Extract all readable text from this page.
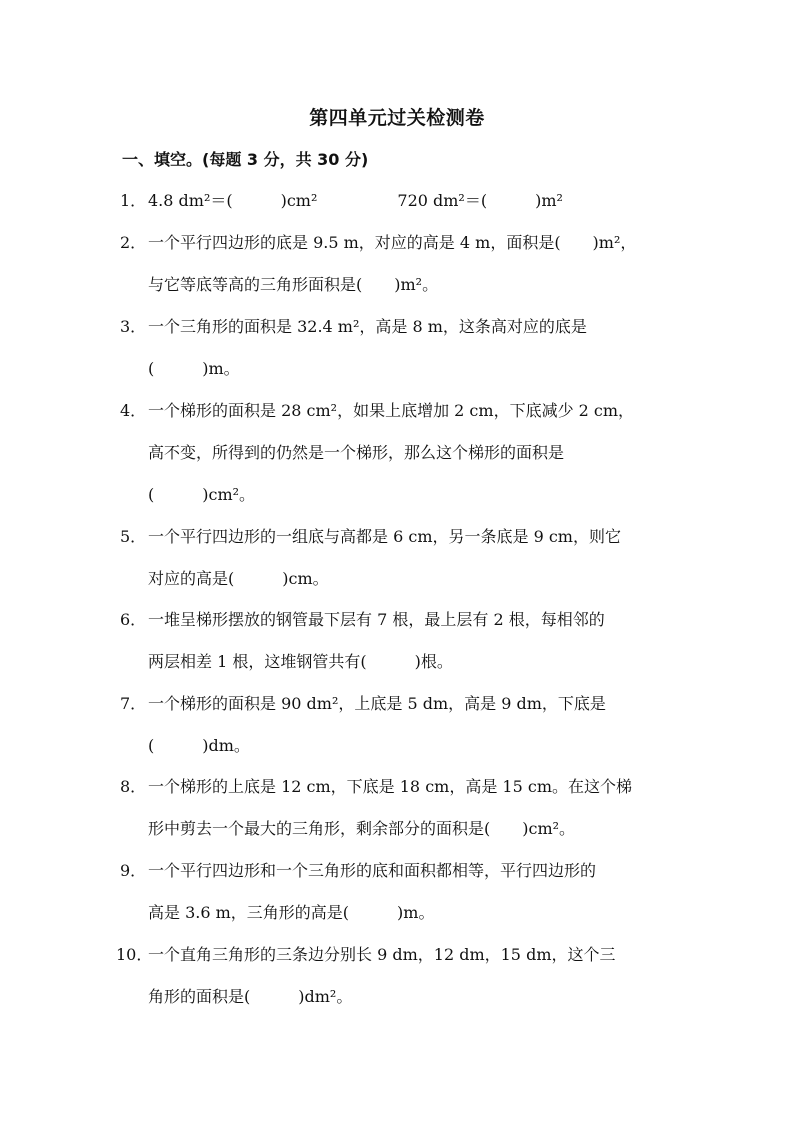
第四单元过关检测卷
一、填空。(每题 3 分，共 30 分)
1． 4.8 dm²＝(　　　)cm²　　　　　720 dm²＝(　　　)m²
2． 一个平行四边形的底是 9.5 m，对应的高是 4 m，面积是(　　)m²，
与它等底等高的三角形面积是(　　)m²。
3． 一个三角形的面积是 32.4 m²，高是 8 m，这条高对应的底是
(　　　)m。
4． 一个梯形的面积是 28 cm²，如果上底增加 2 cm，下底减少 2 cm，
高不变，所得到的仍然是一个梯形，那么这个梯形的面积是
(　　　)cm²。
5． 一个平行四边形的一组底与高都是 6 cm，另一条底是 9 cm，则它
对应的高是(　　　)cm。
6． 一堆呈梯形摆放的钢管最下层有 7 根，最上层有 2 根，每相邻的
两层相差 1 根，这堆钢管共有(　　　)根。
7． 一个梯形的面积是 90 dm²，上底是 5 dm，高是 9 dm，下底是
(　　　)dm。
8． 一个梯形的上底是 12 cm，下底是 18 cm，高是 15 cm。在这个梯
形中剪去一个最大的三角形，剩余部分的面积是(　　)cm²。
9． 一个平行四边形和一个三角形的底和面积都相等，平行四边形的
高是 3.6 m，三角形的高是(　　　)m。
10．
一个直角三角形的三条边分别长 9 dm，12 dm，15 dm，这个三
角形的面积是(　　　)dm²。
